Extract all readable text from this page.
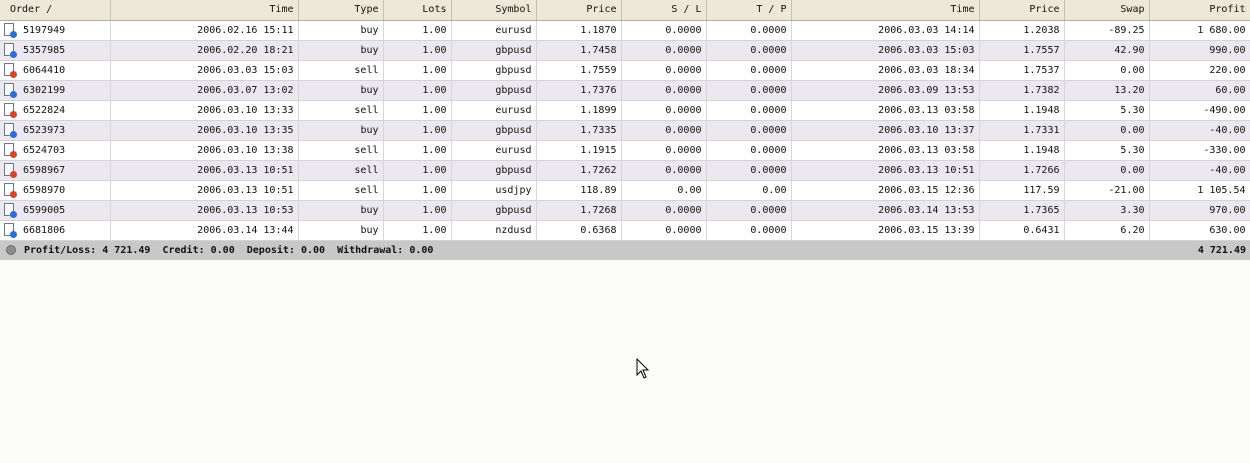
Order /	Time	Type	Lots	Symbol	Price	S / L	T / P	Time	Price	Swap	Profit

5197949	2006.02.16 15:11	buy	1.00	eurusd	1.1870	0.0000	0.0000	2006.03.03 14:14	1.2038	-89.25	1 680.00

5357985	2006.02.20 18:21	buy	1.00	gbpusd	1.7458	0.0000	0.0000	2006.03.03 15:03	1.7557	42.90	990.00

6064410	2006.03.03 15:03	sell	1.00	gbpusd	1.7559	0.0000	0.0000	2006.03.03 18:34	1.7537	0.00	220.00

6302199	2006.03.07 13:02	buy	1.00	gbpusd	1.7376	0.0000	0.0000	2006.03.09 13:53	1.7382	13.20	60.00

6522824	2006.03.10 13:33	sell	1.00	eurusd	1.1899	0.0000	0.0000	2006.03.13 03:58	1.1948	5.30	-490.00

6523973	2006.03.10 13:35	buy	1.00	gbpusd	1.7335	0.0000	0.0000	2006.03.10 13:37	1.7331	0.00	-40.00

6524703	2006.03.10 13:38	sell	1.00	eurusd	1.1915	0.0000	0.0000	2006.03.13 03:58	1.1948	5.30	-330.00

6598967	2006.03.13 10:51	sell	1.00	gbpusd	1.7262	0.0000	0.0000	2006.03.13 10:51	1.7266	0.00	-40.00

6598970	2006.03.13 10:51	sell	1.00	usdjpy	118.89	0.00	0.00	2006.03.15 12:36	117.59	-21.00	1 105.54

6599005	2006.03.13 10:53	buy	1.00	gbpusd	1.7268	0.0000	0.0000	2006.03.14 13:53	1.7365	3.30	970.00

6681806	2006.03.14 13:44	buy	1.00	nzdusd	0.6368	0.0000	0.0000	2006.03.15 13:39	0.6431	6.20	630.00
Profit/Loss: 4 721.49  Credit: 0.00  Deposit: 0.00  Withdrawal: 0.00											4 721.49
